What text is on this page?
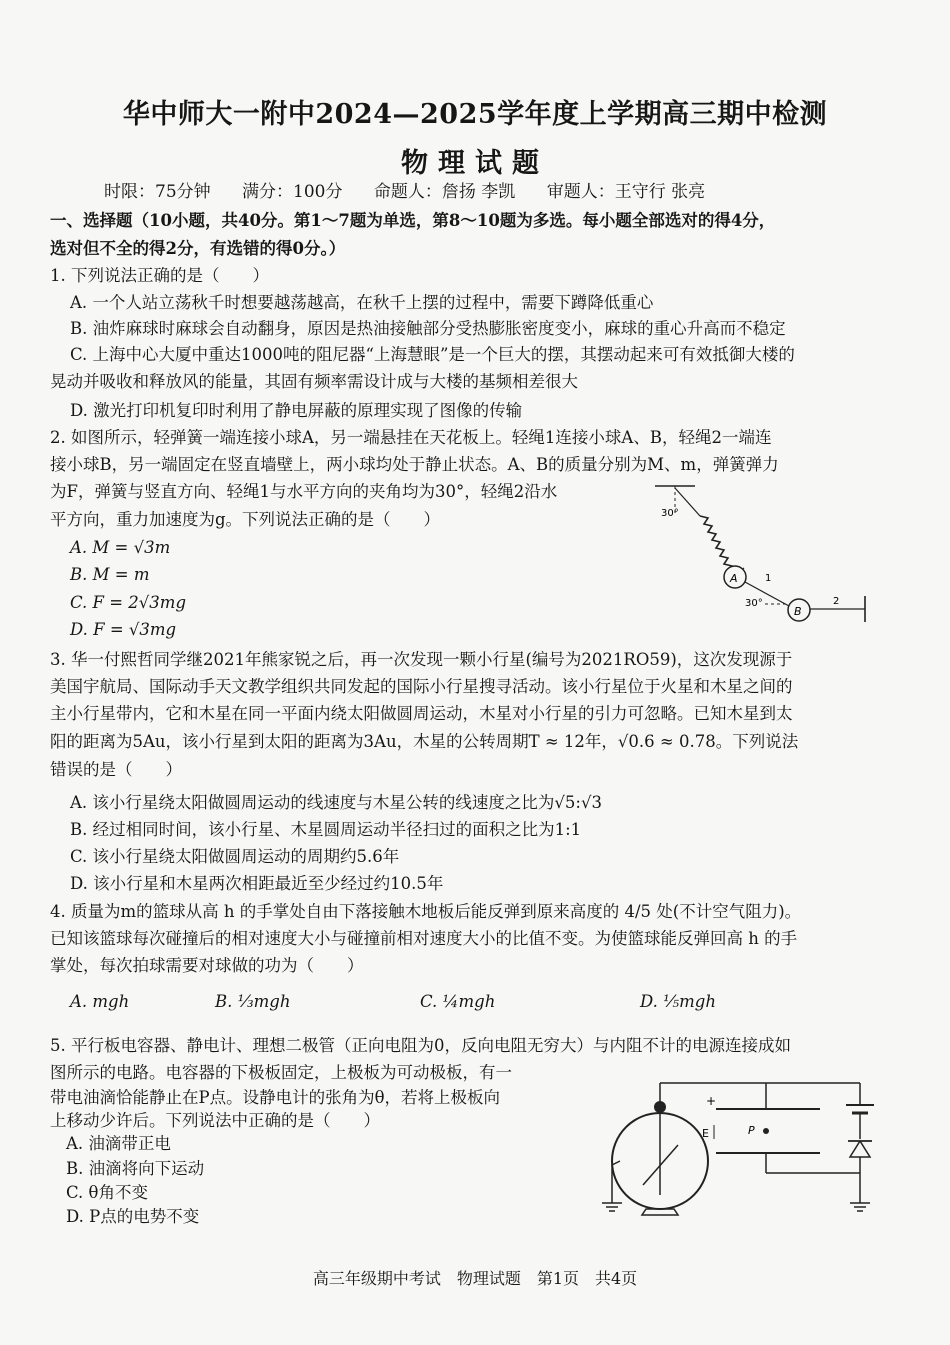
华中师大一附中2024—2025学年度上学期高三期中检测
物理试题
时限：75分钟 满分：100分 命题人：詹扬 李凯 审题人：王守行 张亮
一、选择题（10小题，共40分。第1～7题为单选，第8～10题为多选。每小题全部选对的得4分，
选对但不全的得2分，有选错的得0分。）
1. 下列说法正确的是（　　）
A. 一个人站立荡秋千时想要越荡越高，在秋千上摆的过程中，需要下蹲降低重心
B. 油炸麻球时麻球会自动翻身，原因是热油接触部分受热膨胀密度变小，麻球的重心升高而不稳定
C. 上海中心大厦中重达1000吨的阻尼器“上海慧眼”是一个巨大的摆，其摆动起来可有效抵御大楼的
晃动并吸收和释放风的能量，其固有频率需设计成与大楼的基频相差很大
D. 激光打印机复印时利用了静电屏蔽的原理实现了图像的传输
2. 如图所示，轻弹簧一端连接小球A，另一端悬挂在天花板上。轻绳1连接小球A、B，轻绳2一端连
接小球B，另一端固定在竖直墙壁上，两小球均处于静止状态。A、B的质量分别为M、m，弹簧弹力
为F，弹簧与竖直方向、轻绳1与水平方向的夹角均为30°，轻绳2沿水
平方向，重力加速度为g。下列说法正确的是（　　）
A. M = √3m
B. M = m
C. F = 2√3mg
D. F = √3mg
30°
A	1
30°
B
2
3. 华一付熙哲同学继2021年熊家锐之后，再一次发现一颗小行星(编号为2021RO59)，这次发现源于
美国宇航局、国际动手天文教学组织共同发起的国际小行星搜寻活动。该小行星位于火星和木星之间的
主小行星带内，它和木星在同一平面内绕太阳做圆周运动，木星对小行星的引力可忽略。已知木星到太
阳的距离为5Au，该小行星到太阳的距离为3Au，木星的公转周期T ≈ 12年，√0.6 ≈ 0.78。下列说法
错误的是（　　）
A. 该小行星绕太阳做圆周运动的线速度与木星公转的线速度之比为√5:√3
B. 经过相同时间，该小行星、木星圆周运动半径扫过的面积之比为1:1
C. 该小行星绕太阳做圆周运动的周期约5.6年
D. 该小行星和木星两次相距最近至少经过约10.5年
4. 质量为m的篮球从高 h 的手掌处自由下落接触木地板后能反弹到原来高度的 4/5 处(不计空气阻力)。
已知该篮球每次碰撞后的相对速度大小与碰撞前相对速度大小的比值不变。为使篮球能反弹回高 h 的手
掌处，每次拍球需要对球做的功为（　　）
A. mgh	B. ⅓mgh	C. ¼mgh	D. ⅕mgh
5. 平行板电容器、静电计、理想二极管（正向电阻为0，反向电阻无穷大）与内阻不计的电源连接成如
图所示的电路。电容器的下极板固定，上极板为可动极板，有一
带电油滴恰能静止在P点。设静电计的张角为θ，若将上极板向
上移动少许后。下列说法中正确的是（　　）
A. 油滴带正电
B. 油滴将向下运动
C. θ角不变
D. P点的电势不变
+
E	P
高三年级期中考试　物理试题　第1页　共4页
